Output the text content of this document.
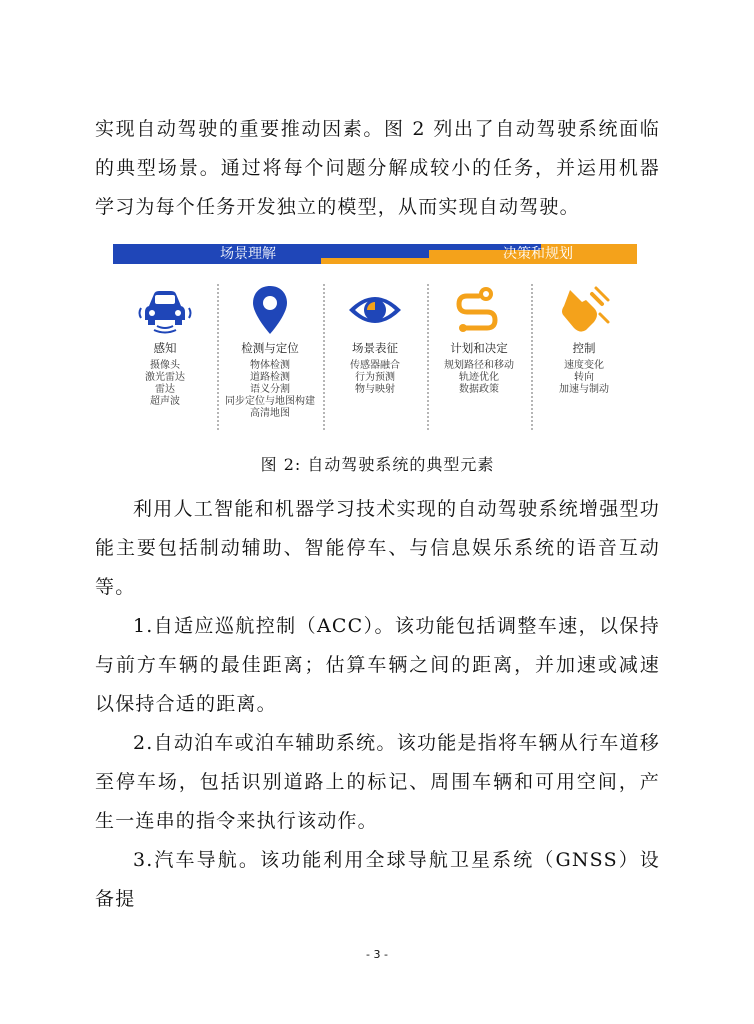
实现自动驾驶的重要推动因素。图 2 列出了自动驾驶系统面临的典型场景。通过将每个问题分解成较小的任务，并运用机器学习为每个任务开发独立的模型，从而实现自动驾驶。

场景理解	决策和规划
感知
摄像头
激光雷达
雷达
超声波
检测与定位
物体检测
道路检测
语义分割
同步定位与地图构建
高清地图
场景表征
传感器融合
行为预测
物与映射
计划和决定
规划路径和移动
轨迹优化
数据政策
控制
速度变化
转向
加速与制动
图 2: 自动驾驶系统的典型元素

利用人工智能和机器学习技术实现的自动驾驶系统增强型功能主要包括制动辅助、智能停车、与信息娱乐系统的语音互动等。

1.自适应巡航控制（ACC）。该功能包括调整车速，以保持与前方车辆的最佳距离；估算车辆之间的距离，并加速或减速以保持合适的距离。

2.自动泊车或泊车辅助系统。该功能是指将车辆从行车道移至停车场，包括识别道路上的标记、周围车辆和可用空间，产生一连串的指令来执行该动作。

3.汽车导航。该功能利用全球导航卫星系统（GNSS）设备提

- 3 -
